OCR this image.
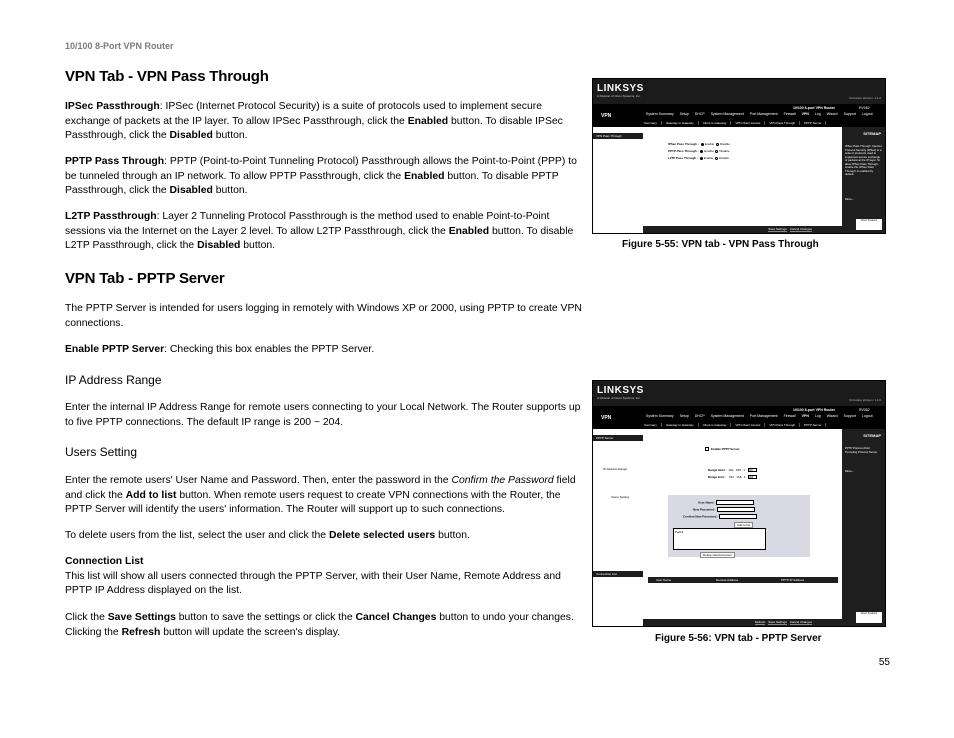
10/100 8-Port VPN Router
VPN Tab - VPN Pass Through

IPSec Passthrough: IPSec (Internet Protocol Security) is a suite of protocols used to implement secure exchange of packets at the IP layer. To allow IPSec Passthrough, click the Enabled button. To disable IPSec Passthrough, click the Disabled button.

PPTP Pass Through: PPTP (Point-to-Point Tunneling Protocol) Passthrough allows the Point-to-Point (PPP) to be tunneled through an IP network. To allow PPTP Passthrough, click the Enabled button. To disable PPTP Passthrough, click the Disabled button.

L2TP Passthrough: Layer 2 Tunneling Protocol Passthrough is the method used to enable Point-to-Point sessions via the Internet on the Layer 2 level. To allow L2TP Passthrough, click the Enabled button. To disable L2TP Passthrough, click the Disabled button.

VPN Tab - PPTP Server

The PPTP Server is intended for users logging in remotely with Windows XP or 2000, using PPTP to create VPN connections.

Enable PPTP Server: Checking this box enables the PPTP Server.

IP Address Range

Enter the internal IP Address Range for remote users connecting to your Local Network. The Router supports up to five PPTP connections. The default IP range is 200 ~ 204.

Users Setting

Enter the remote users' User Name and Password. Then, enter the password in the Confirm the Password field and click the Add to list button. When remote users request to create VPN connections with the Router, the PPTP Server will identify the users' information. The Router will support up to such connections.

To delete users from the list, select the user and click the Delete selected users button.

Connection List

This list will show all users connected through the PPTP Server, with their User Name, Remote Address and PPTP IP Address displayed on the list.

Click the Save Settings button to save the settings or click the Cancel Changes button to undo your changes. Clicking the Refresh button will update the screen's display.

LINKSYS
A Division of Cisco Systems, Inc.	Firmware Version: 1.1.0
VPN
10/100 8-port VPN Router	RV082
System Summary	Setup	DHCP	System Management	Port Management	Firewall	VPN	Log	Wizard	Support	Logout
Summary	Gateway to Gateway	Client to Gateway	VPN Client Access	VPN Pass Through	PPTP Server
VPN Pass Through
IPSec Pass Through : Enable Disable
PPTP Pass Through : Enable Disable
L2TP Pass Through : Enable Disable
SITEMAP
IPSec Pass Through: Internet Protocol Security (IPSec) is a suite of protocols used to implement secure exchange of packets at the IP layer. To allow IPSec Pass Through, enable the 'IPSec Pass Through' is enabled by default.
More...
Cisco Systems
Save Settings Cancel Changes
Figure 5-55: VPN tab - VPN Pass Through
LINKSYS
A Division of Cisco Systems, Inc.	Firmware Version: 1.1.0
VPN
10/100 8-port VPN Router	RV082
System Summary	Setup	DHCP	System Management	Port Management	Firewall	VPN	Log	Wizard	Support	Logout
Summary	Gateway to Gateway	Client to Gateway	VPN Client Access	VPN Pass Through	PPTP Server
PPTP Server
IP Address Range
Users Setting
Connection List
Enable PPTP Server
Range Start : 192 . 168 . 1 . 200
Range End : 192 . 168 . 1 . 204
User Name :
New Password :
Confirm New Password :
Add to list
Pedck
Delete selected users
User Name	Remote Address	PPTP IP Address
SITEMAP
PPTP Point-to-Point Tunneling Protocol Server
More...
Cisco Systems
Refresh Save Settings Cancel Changes
Figure 5-56: VPN tab - PPTP Server
55
